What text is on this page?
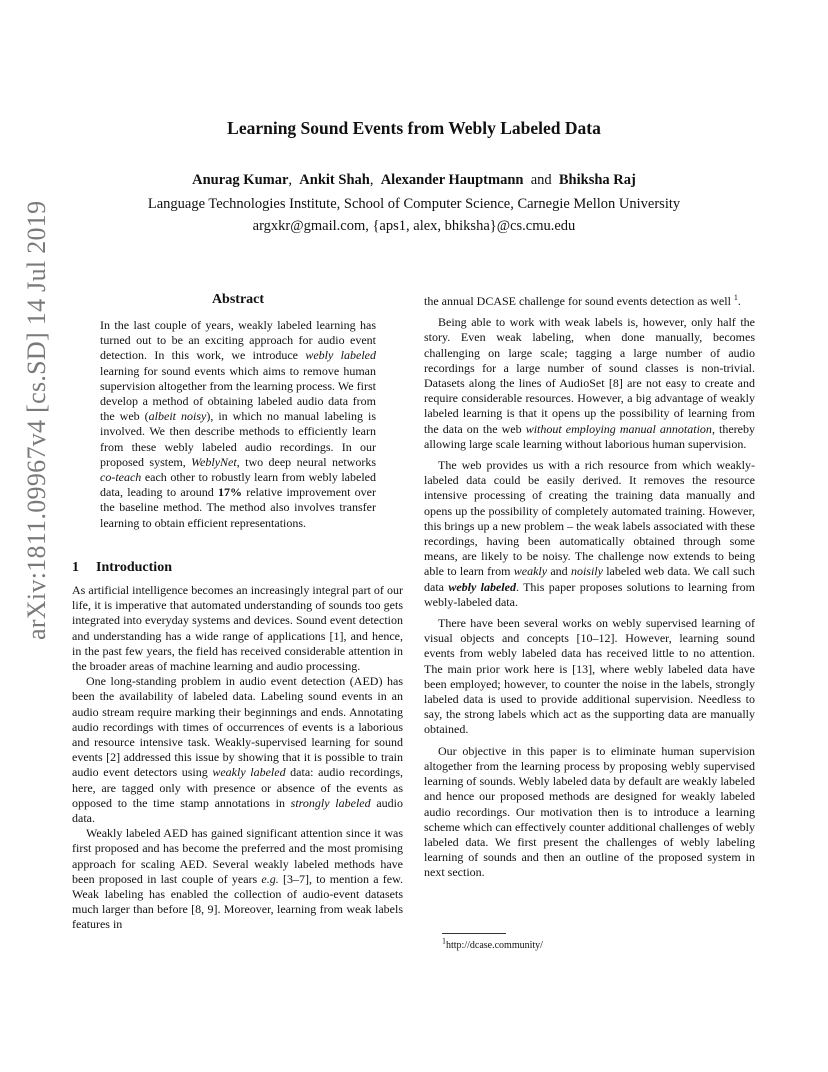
arXiv:1811.09967v4 [cs.SD] 14 Jul 2019
Learning Sound Events from Webly Labeled Data
Anurag Kumar, Ankit Shah, Alexander Hauptmann and Bhiksha Raj
Language Technologies Institute, School of Computer Science, Carnegie Mellon University
argxkr@gmail.com, {aps1, alex, bhiksha}@cs.cmu.edu
Abstract

In the last couple of years, weakly labeled learning has turned out to be an exciting approach for audio event detection. In this work, we introduce webly labeled learning for sound events which aims to remove human supervision altogether from the learning process. We first develop a method of obtaining labeled audio data from the web (albeit noisy), in which no manual labeling is involved. We then describe methods to efficiently learn from these webly labeled audio recordings. In our proposed system, WeblyNet, two deep neural networks co-teach each other to robustly learn from webly labeled data, leading to around 17% relative improvement over the baseline method. The method also involves transfer learning to obtain efficient representations.

1 Introduction

As artificial intelligence becomes an increasingly integral part of our life, it is imperative that automated understanding of sounds too gets integrated into everyday systems and devices. Sound event detection and understanding has a wide range of applications [1], and hence, in the past few years, the field has received considerable attention in the broader areas of machine learning and audio processing.

One long-standing problem in audio event detection (AED) has been the availability of labeled data. Labeling sound events in an audio stream require marking their beginnings and ends. Annotating audio recordings with times of occurrences of events is a laborious and resource intensive task. Weakly-supervised learning for sound events [2] addressed this issue by showing that it is possible to train audio event detectors using weakly labeled data: audio recordings, here, are tagged only with presence or absence of the events as opposed to the time stamp annotations in strongly labeled audio data.

Weakly labeled AED has gained significant attention since it was first proposed and has become the preferred and the most promising approach for scaling AED. Several weakly labeled methods have been proposed in last couple of years e.g. [3–7], to mention a few. Weak labeling has enabled the collection of audio-event datasets much larger than before [8, 9]. Moreover, learning from weak labels features in

the annual DCASE challenge for sound events detection as well $^1$.

Being able to work with weak labels is, however, only half the story. Even weak labeling, when done manually, becomes challenging on large scale; tagging a large number of audio recordings for a large number of sound classes is non-trivial. Datasets along the lines of AudioSet [8] are not easy to create and require considerable resources. However, a big advantage of weakly labeled learning is that it opens up the possibility of learning from the data on the web without employing manual annotation, thereby allowing large scale learning without laborious human supervision.

The web provides us with a rich resource from which weakly-labeled data could be easily derived. It removes the resource intensive processing of creating the training data manually and opens up the possibility of completely automated training. However, this brings up a new problem – the weak labels associated with these recordings, having been automatically obtained through some means, are likely to be noisy. The challenge now extends to being able to learn from weakly and noisily labeled web data. We call such data webly labeled. This paper proposes solutions to learning from webly-labeled data.

There have been several works on webly supervised learning of visual objects and concepts [10–12]. However, learning sound events from webly labeled data has received little to no attention. The main prior work here is [13], where webly labeled data have been employed; however, to counter the noise in the labels, strongly labeled data is used to provide additional supervision. Needless to say, the strong labels which act as the supporting data are manually obtained.

Our objective in this paper is to eliminate human supervision altogether from the learning process by proposing webly supervised learning of sounds. Webly labeled data by default are weakly labeled and hence our proposed methods are designed for weakly labeled audio recordings. Our motivation then is to introduce a learning scheme which can effectively counter additional challenges of webly labeled data. We first present the challenges of webly labeling learning of sounds and then an outline of the proposed system in next section.

$^1$http://dcase.community/
